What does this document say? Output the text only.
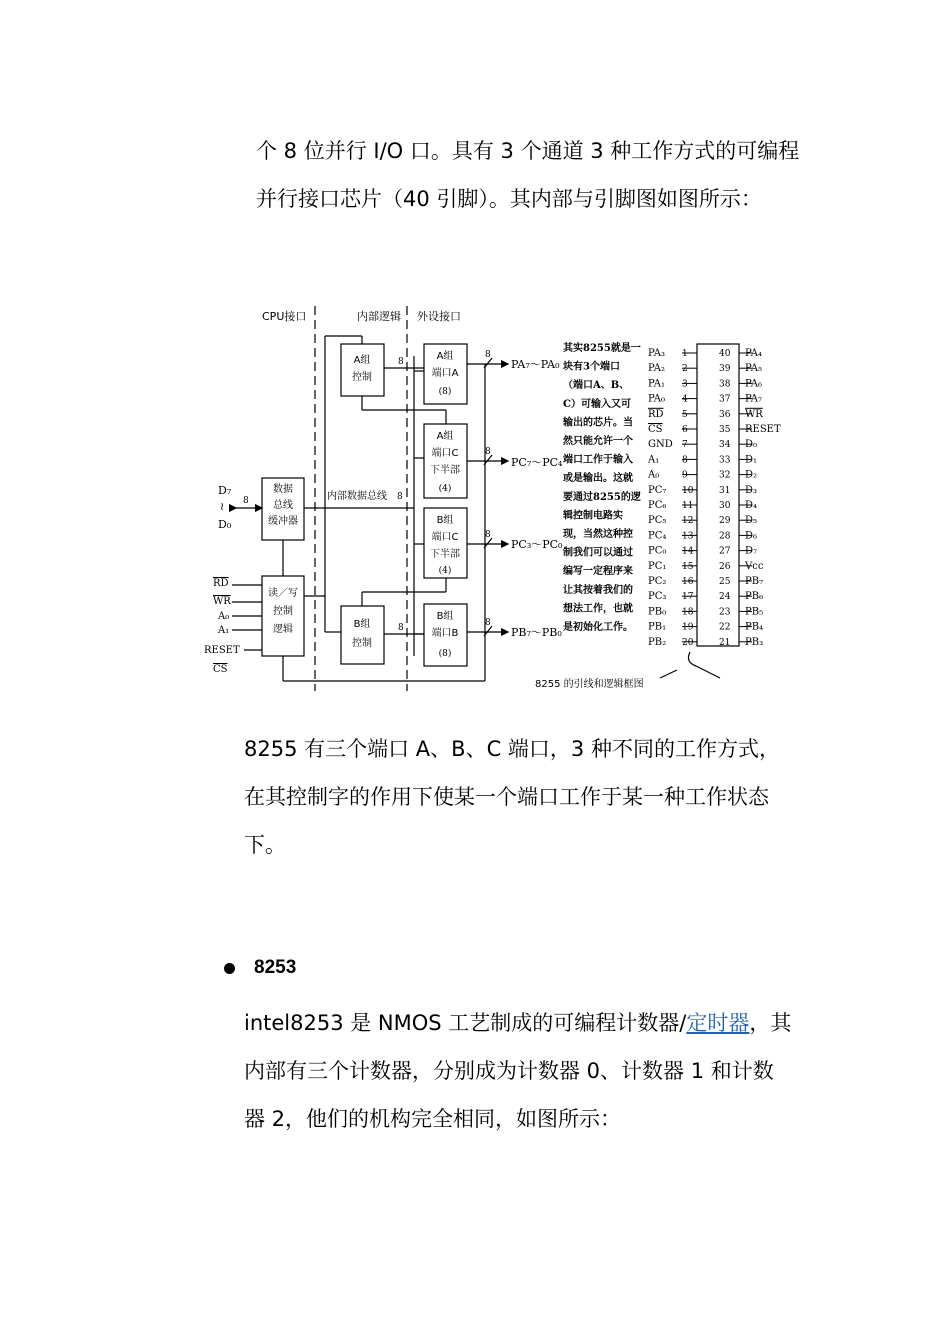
个 8 位并行 I/O 口。具有 3 个通道 3 种工作方式的可编程
并行接口芯片（40 引脚）。其内部与引脚图如图所示：
CPU接口	内部逻辑 外设接口
D₇
≀
D₀
8
数据
总线
缓冲器
内部数据总线 8
读／写
控制
逻辑
RD
WR
A₀
A₁
RESET
CS
A组
控制
B组
控制
8
8
A组
端口A
(8)
A组
端口C
下半部
(4)
B组
端口C
下半部
(4)
B组
端口B
(8)
8
8
8
8
PA₇～PA₀
PC₇～PC₄
PC₃～PC₀
PB₇～PB₀
其实8255就是一
块有3个端口
（端口A、B、
C）可输入又可
输出的芯片。当
然只能允许一个
端口工作于输入
或是输出。这就
要通过8255的逻
辑控制电路实
现，当然这种控
制我们可以通过
编写一定程序来
让其按着我们的
想法工作，也就
是初始化工作。
PA₃ 1	40 PA₄
PA₂ 2	39 PA₅
PA₁ 3	38 PA₆
PA₀ 4	37 PA₇
RD 5	36 WR
CS 6	35 RESET
GND 7	34 D₀
A₁	8	33 D₁
A₀	9	32 D₂
PC₇ 10	31 D₃
PC₆ 11	30 D₄
PC₅ 12	29 D₅
PC₄ 13	28 D₆
PC₀ 14	27 D₇
PC₁ 15	26 Vcc
PC₂ 16	25 PB₇
PC₃ 17	24 PB₆
PB₀ 18	23 PB₅
PB₁ 19	22 PB₄
PB₂ 20	21 PB₃
8255 的引线和逻辑框图
8255 有三个端口 A、B、C 端口，3 种不同的工作方式，
在其控制字的作用下使某一个端口工作于某一种工作状态
下。
8253
intel8253 是 NMOS 工艺制成的可编程计数器/定时器，其
内部有三个计数器，分别成为计数器 0、计数器 1 和计数
器 2，他们的机构完全相同，如图所示：
